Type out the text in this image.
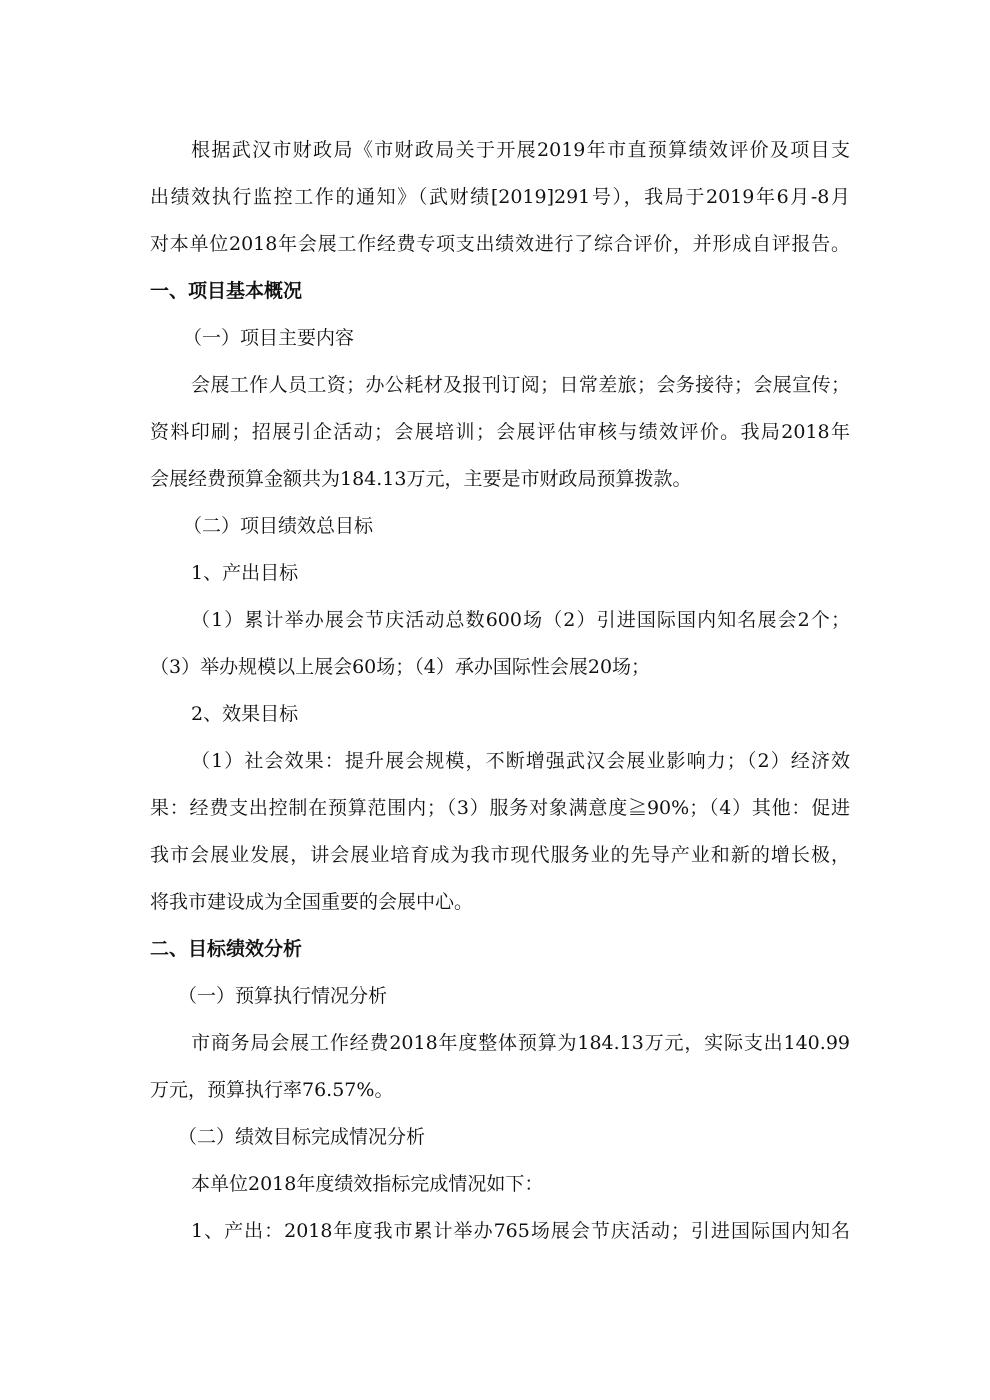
根据武汉市财政局《市财政局关于开展2019年市直预算绩效评价及项目支
出绩效执行监控工作的通知》（武财绩[2019]291号），我局于2019年6月-8月
对本单位2018年会展工作经费专项支出绩效进行了综合评价，并形成自评报告。
一、项目基本概况
（一）项目主要内容
会展工作人员工资；办公耗材及报刊订阅；日常差旅；会务接待；会展宣传；
资料印刷；招展引企活动；会展培训；会展评估审核与绩效评价。我局2018年
会展经费预算金额共为184.13万元，主要是市财政局预算拨款。
（二）项目绩效总目标
1、产出目标
（1）累计举办展会节庆活动总数600场（2）引进国际国内知名展会2个；
（3）举办规模以上展会60场；（4）承办国际性会展20场；
2、效果目标
（1）社会效果：提升展会规模，不断增强武汉会展业影响力；（2）经济效
果：经费支出控制在预算范围内；（3）服务对象满意度≧90%；（4）其他：促进
我市会展业发展，讲会展业培育成为我市现代服务业的先导产业和新的增长极，
将我市建设成为全国重要的会展中心。
二、目标绩效分析
（一）预算执行情况分析
市商务局会展工作经费2018年度整体预算为184.13万元，实际支出140.99
万元，预算执行率76.57%。
（二）绩效目标完成情况分析
本单位2018年度绩效指标完成情况如下：
1、产出：2018年度我市累计举办765场展会节庆活动；引进国际国内知名
